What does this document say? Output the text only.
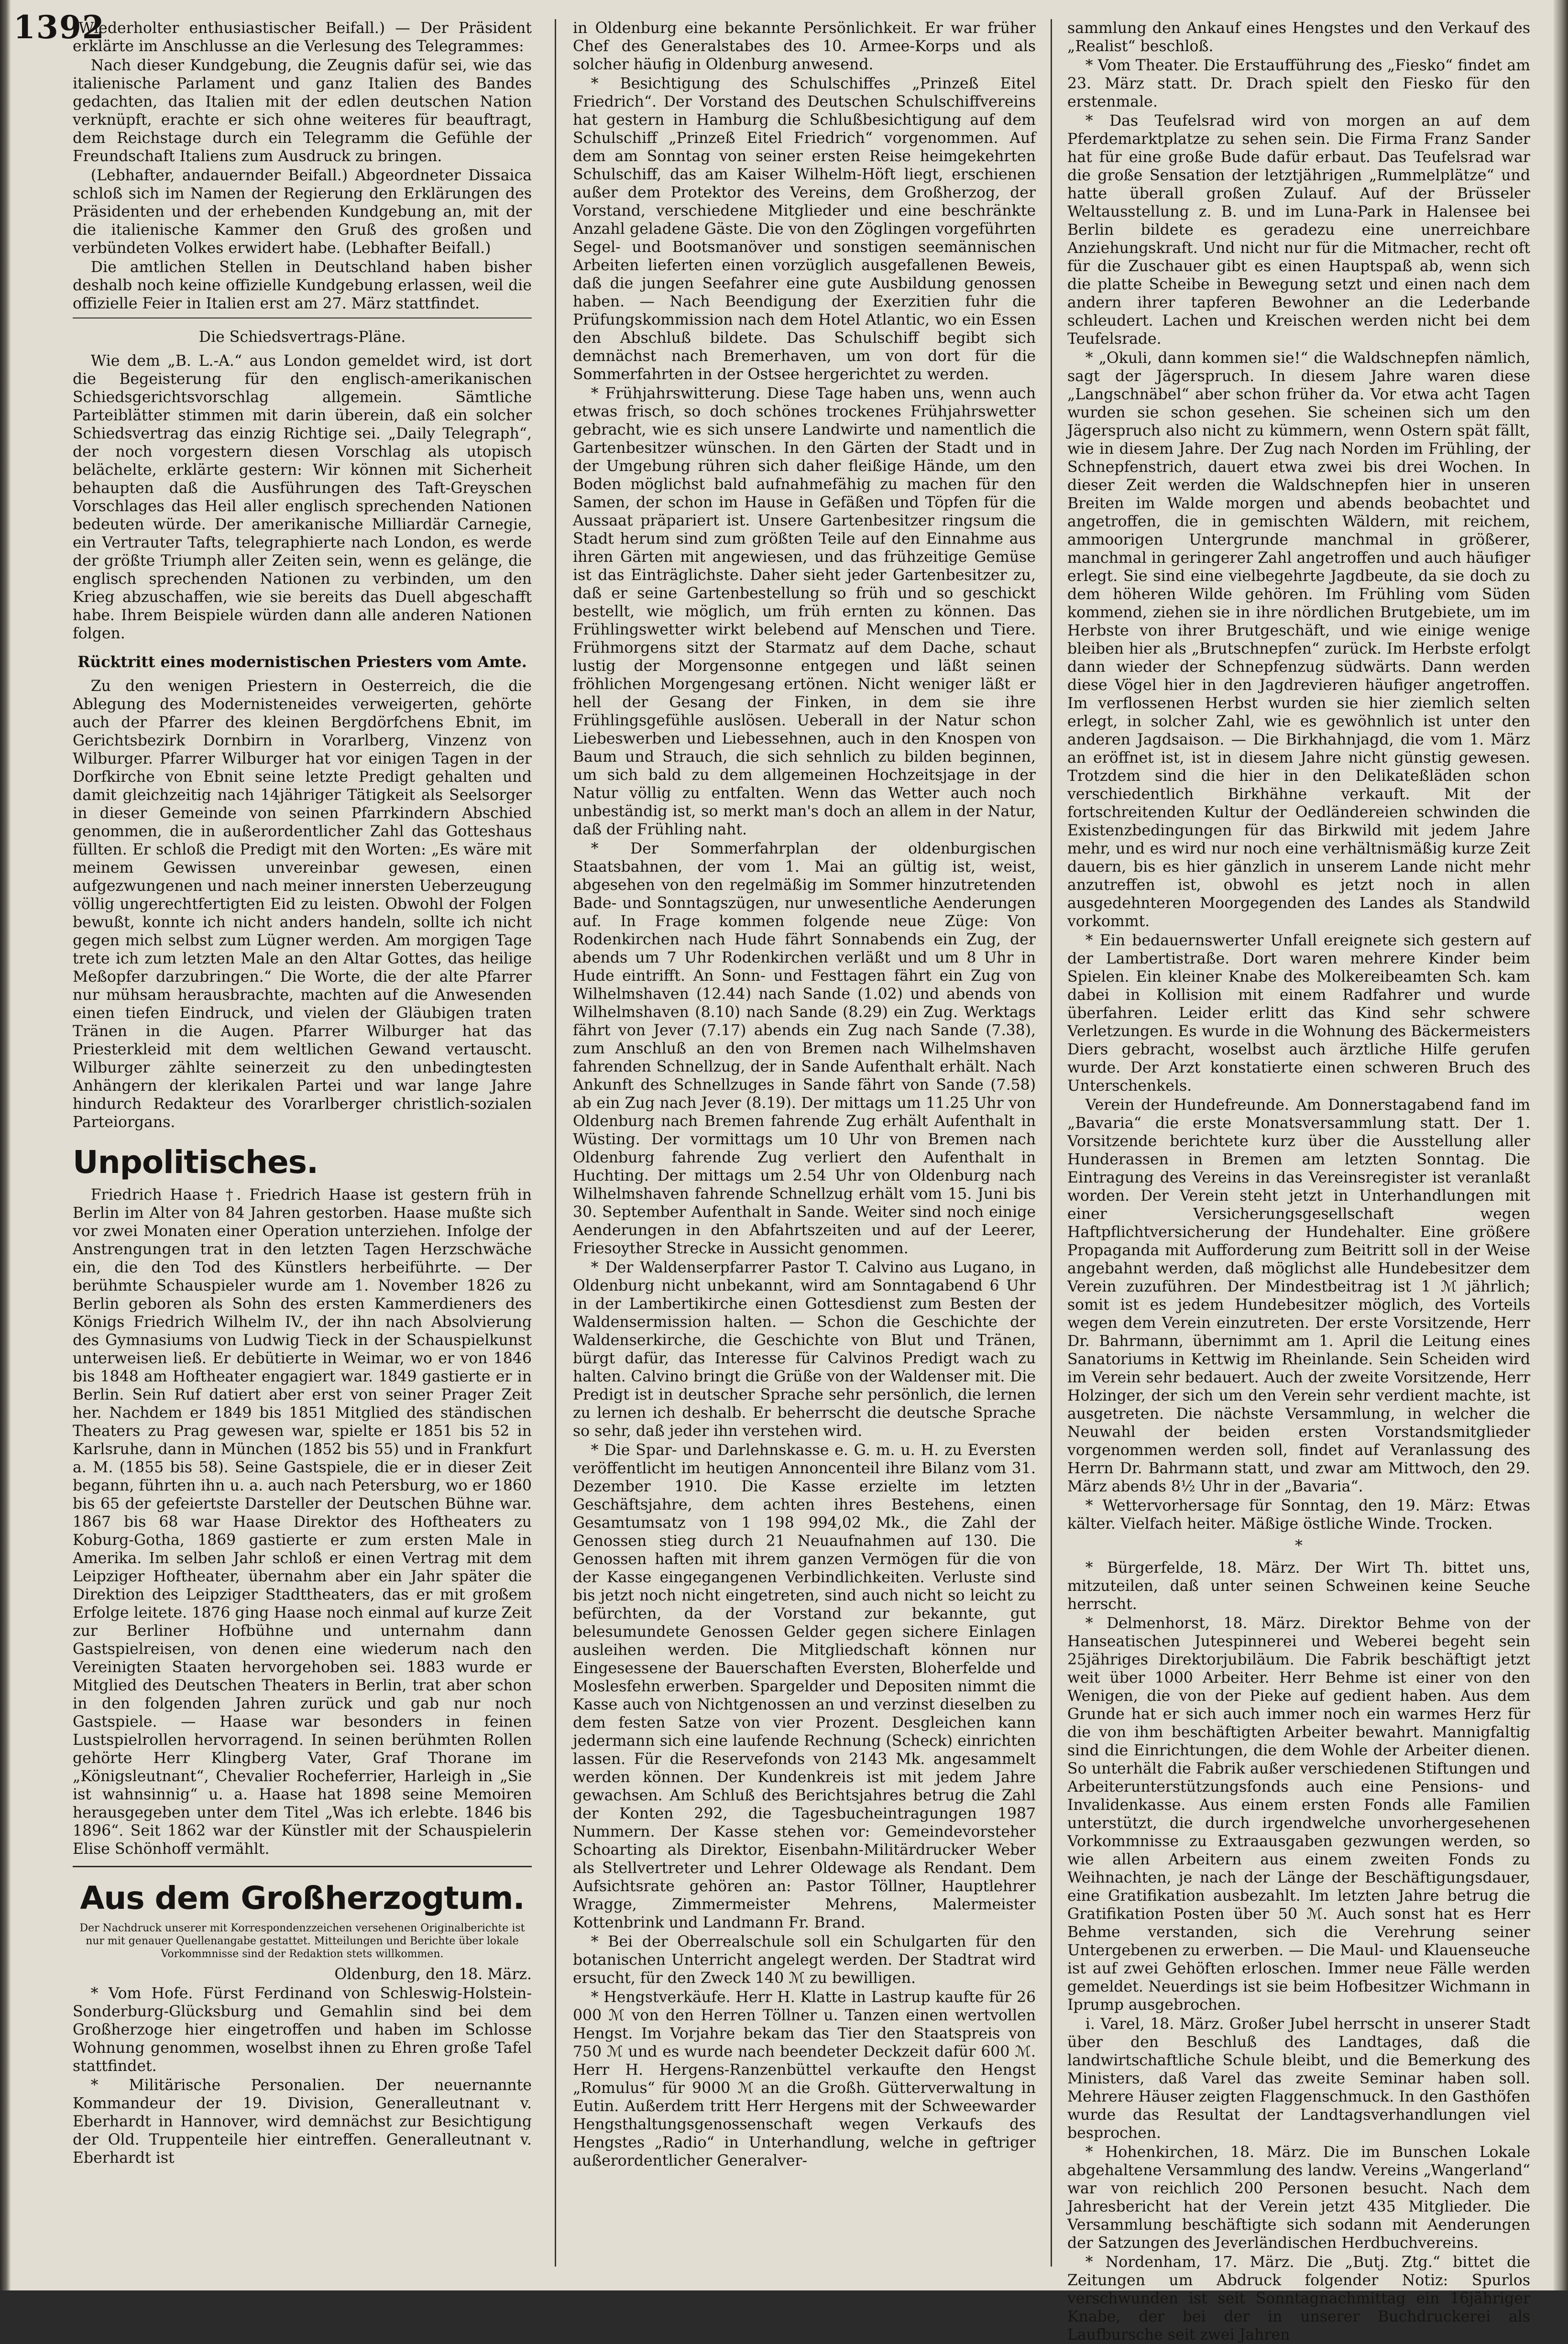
1392

(Wiederholter enthusiastischer Beifall.) — Der Präsident erklärte im Anschlusse an die Verlesung des Telegrammes:

Nach dieser Kundgebung, die Zeugnis dafür sei, wie das italienische Parlament und ganz Italien des Bandes gedachten, das Italien mit der edlen deutschen Nation verknüpft, erachte er sich ohne weiteres für beauftragt, dem Reichstage durch ein Telegramm die Gefühle der Freundschaft Italiens zum Ausdruck zu bringen.

(Lebhafter, andauernder Beifall.) Abgeordneter Dissaica schloß sich im Namen der Regierung den Erklärungen des Präsidenten und der erhebenden Kundgebung an, mit der die italienische Kammer den Gruß des großen und verbündeten Volkes erwidert habe. (Lebhafter Beifall.)

Die amtlichen Stellen in Deutschland haben bisher deshalb noch keine offizielle Kundgebung erlassen, weil die offizielle Feier in Italien erst am 27. März stattfindet.

Die Schiedsvertrags-Pläne.

Wie dem „B. L.-A.“ aus London gemeldet wird, ist dort die Begeisterung für den englisch-amerikanischen Schiedsgerichtsvorschlag allgemein. Sämtliche Parteiblätter stimmen mit darin überein, daß ein solcher Schiedsvertrag das einzig Richtige sei. „Daily Telegraph“, der noch vorgestern diesen Vorschlag als utopisch belächelte, erklärte gestern: Wir können mit Sicherheit behaupten daß die Ausführungen des Taft-Greyschen Vorschlages das Heil aller englisch sprechenden Nationen bedeuten würde. Der amerikanische Milliardär Carnegie, ein Vertrauter Tafts, telegraphierte nach London, es werde der größte Triumph aller Zeiten sein, wenn es gelänge, die englisch sprechenden Nationen zu verbinden, um den Krieg abzuschaffen, wie sie bereits das Duell abgeschafft habe. Ihrem Beispiele würden dann alle anderen Nationen folgen.

Rücktritt eines modernistischen Priesters vom Amte.

Zu den wenigen Priestern in Oesterreich, die die Ablegung des Modernisteneides verweigerten, gehörte auch der Pfarrer des kleinen Bergdörfchens Ebnit, im Gerichtsbezirk Dornbirn in Vorarlberg, Vinzenz von Wilburger. Pfarrer Wilburger hat vor einigen Tagen in der Dorfkirche von Ebnit seine letzte Predigt gehalten und damit gleichzeitig nach 14jähriger Tätigkeit als Seelsorger in dieser Gemeinde von seinen Pfarrkindern Abschied genommen, die in außerordentlicher Zahl das Gotteshaus füllten. Er schloß die Predigt mit den Worten: „Es wäre mit meinem Gewissen unvereinbar gewesen, einen aufgezwungenen und nach meiner innersten Ueberzeugung völlig ungerechtfertigten Eid zu leisten. Obwohl der Folgen bewußt, konnte ich nicht anders handeln, sollte ich nicht gegen mich selbst zum Lügner werden. Am morgigen Tage trete ich zum letzten Male an den Altar Gottes, das heilige Meßopfer darzubringen.“ Die Worte, die der alte Pfarrer nur mühsam herausbrachte, machten auf die Anwesenden einen tiefen Eindruck, und vielen der Gläubigen traten Tränen in die Augen. Pfarrer Wilburger hat das Priesterkleid mit dem weltlichen Gewand vertauscht. Wilburger zählte seinerzeit zu den unbedingtesten Anhängern der klerikalen Partei und war lange Jahre hindurch Redakteur des Vorarlberger christlich-sozialen Parteiorgans.

Unpolitisches.

Friedrich Haase †. Friedrich Haase ist gestern früh in Berlin im Alter von 84 Jahren gestorben. Haase mußte sich vor zwei Monaten einer Operation unterziehen. Infolge der Anstrengungen trat in den letzten Tagen Herzschwäche ein, die den Tod des Künstlers herbeiführte. — Der berühmte Schauspieler wurde am 1. November 1826 zu Berlin geboren als Sohn des ersten Kammerdieners des Königs Friedrich Wilhelm IV., der ihn nach Absolvierung des Gymnasiums von Ludwig Tieck in der Schauspielkunst unterweisen ließ. Er debütierte in Weimar, wo er von 1846 bis 1848 am Hoftheater engagiert war. 1849 gastierte er in Berlin. Sein Ruf datiert aber erst von seiner Prager Zeit her. Nachdem er 1849 bis 1851 Mitglied des ständischen Theaters zu Prag gewesen war, spielte er 1851 bis 52 in Karlsruhe, dann in München (1852 bis 55) und in Frankfurt a. M. (1855 bis 58). Seine Gastspiele, die er in dieser Zeit begann, führten ihn u. a. auch nach Petersburg, wo er 1860 bis 65 der gefeiertste Darsteller der Deutschen Bühne war. 1867 bis 68 war Haase Direktor des Hoftheaters zu Koburg-Gotha, 1869 gastierte er zum ersten Male in Amerika. Im selben Jahr schloß er einen Vertrag mit dem Leipziger Hoftheater, übernahm aber ein Jahr später die Direktion des Leipziger Stadttheaters, das er mit großem Erfolge leitete. 1876 ging Haase noch einmal auf kurze Zeit zur Berliner Hofbühne und unternahm dann Gastspielreisen, von denen eine wiederum nach den Vereinigten Staaten hervorgehoben sei. 1883 wurde er Mitglied des Deutschen Theaters in Berlin, trat aber schon in den folgenden Jahren zurück und gab nur noch Gastspiele. — Haase war besonders in feinen Lustspielrollen hervorragend. In seinen berühmten Rollen gehörte Herr Klingberg Vater, Graf Thorane im „Königsleutnant“, Chevalier Rocheferrier, Harleigh in „Sie ist wahnsinnig“ u. a. Haase hat 1898 seine Memoiren herausgegeben unter dem Titel „Was ich erlebte. 1846 bis 1896“. Seit 1862 war der Künstler mit der Schauspielerin Elise Schönhoff vermählt.

Aus dem Großherzogtum.

Der Nachdruck unserer mit Korrespondenzzeichen versehenen Originalberichte ist nur mit genauer Quellenangabe gestattet. Mitteilungen und Berichte über lokale Vorkommnisse sind der Redaktion stets willkommen.

Oldenburg, den 18. März.

* Vom Hofe. Fürst Ferdinand von Schleswig-Holstein-Sonderburg-Glücksburg und Gemahlin sind bei dem Großherzoge hier eingetroffen und haben im Schlosse Wohnung genommen, woselbst ihnen zu Ehren große Tafel stattfindet.

* Militärische Personalien. Der neuernannte Kommandeur der 19. Division, Generalleutnant v. Eberhardt in Hannover, wird demnächst zur Besichtigung der Old. Truppenteile hier eintreffen. Generalleutnant v. Eberhardt ist

in Oldenburg eine bekannte Persönlichkeit. Er war früher Chef des Generalstabes des 10. Armee-Korps und als solcher häufig in Oldenburg anwesend.

* Besichtigung des Schulschiffes „Prinzeß Eitel Friedrich“. Der Vorstand des Deutschen Schulschiffvereins hat gestern in Hamburg die Schlußbesichtigung auf dem Schulschiff „Prinzeß Eitel Friedrich“ vorgenommen. Auf dem am Sonntag von seiner ersten Reise heimgekehrten Schulschiff, das am Kaiser Wilhelm-Höft liegt, erschienen außer dem Protektor des Vereins, dem Großherzog, der Vorstand, verschiedene Mitglieder und eine beschränkte Anzahl geladene Gäste. Die von den Zöglingen vorgeführten Segel- und Bootsmanöver und sonstigen seemännischen Arbeiten lieferten einen vorzüglich ausgefallenen Beweis, daß die jungen Seefahrer eine gute Ausbildung genossen haben. — Nach Beendigung der Exerzitien fuhr die Prüfungskommission nach dem Hotel Atlantic, wo ein Essen den Abschluß bildete. Das Schulschiff begibt sich demnächst nach Bremerhaven, um von dort für die Sommerfahrten in der Ostsee hergerichtet zu werden.

* Frühjahrswitterung. Diese Tage haben uns, wenn auch etwas frisch, so doch schönes trockenes Frühjahrswetter gebracht, wie es sich unsere Landwirte und namentlich die Gartenbesitzer wünschen. In den Gärten der Stadt und in der Umgebung rühren sich daher fleißige Hände, um den Boden möglichst bald aufnahmefähig zu machen für den Samen, der schon im Hause in Gefäßen und Töpfen für die Aussaat präpariert ist. Unsere Gartenbesitzer ringsum die Stadt herum sind zum größten Teile auf den Einnahme aus ihren Gärten mit angewiesen, und das frühzeitige Gemüse ist das Einträglichste. Daher sieht jeder Gartenbesitzer zu, daß er seine Gartenbestellung so früh und so geschickt bestellt, wie möglich, um früh ernten zu können. Das Frühlingswetter wirkt belebend auf Menschen und Tiere. Frühmorgens sitzt der Starmatz auf dem Dache, schaut lustig der Morgensonne entgegen und läßt seinen fröhlichen Morgengesang ertönen. Nicht weniger läßt er hell der Gesang der Finken, in dem sie ihre Frühlingsgefühle auslösen. Ueberall in der Natur schon Liebeswerben und Liebessehnen, auch in den Knospen von Baum und Strauch, die sich sehnlich zu bilden beginnen, um sich bald zu dem allgemeinen Hochzeitsjage in der Natur völlig zu entfalten. Wenn das Wetter auch noch unbeständig ist, so merkt man's doch an allem in der Natur, daß der Frühling naht.

* Der Sommerfahrplan der oldenburgischen Staatsbahnen, der vom 1. Mai an gültig ist, weist, abgesehen von den regelmäßig im Sommer hinzutretenden Bade- und Sonntagszügen, nur unwesentliche Aenderungen auf. In Frage kommen folgende neue Züge: Von Rodenkirchen nach Hude fährt Sonnabends ein Zug, der abends um 7 Uhr Rodenkirchen verläßt und um 8 Uhr in Hude eintrifft. An Sonn- und Festtagen fährt ein Zug von Wilhelmshaven (12.44) nach Sande (1.02) und abends von Wilhelmshaven (8.10) nach Sande (8.29) ein Zug. Werktags fährt von Jever (7.17) abends ein Zug nach Sande (7.38), zum Anschluß an den von Bremen nach Wilhelmshaven fahrenden Schnellzug, der in Sande Aufenthalt erhält. Nach Ankunft des Schnellzuges in Sande fährt von Sande (7.58) ab ein Zug nach Jever (8.19). Der mittags um 11.25 Uhr von Oldenburg nach Bremen fahrende Zug erhält Aufenthalt in Wüsting. Der vormittags um 10 Uhr von Bremen nach Oldenburg fahrende Zug verliert den Aufenthalt in Huchting. Der mittags um 2.54 Uhr von Oldenburg nach Wilhelmshaven fahrende Schnellzug erhält vom 15. Juni bis 30. September Aufenthalt in Sande. Weiter sind noch einige Aenderungen in den Abfahrtszeiten und auf der Leerer, Friesoyther Strecke in Aussicht genommen.

* Der Waldenserpfarrer Pastor T. Calvino aus Lugano, in Oldenburg nicht unbekannt, wird am Sonntagabend 6 Uhr in der Lambertikirche einen Gottesdienst zum Besten der Waldensermission halten. — Schon die Geschichte der Waldenserkirche, die Geschichte von Blut und Tränen, bürgt dafür, das Interesse für Calvinos Predigt wach zu halten. Calvino bringt die Grüße von der Waldenser mit. Die Predigt ist in deutscher Sprache sehr persönlich, die lernen zu lernen ich deshalb. Er beherrscht die deutsche Sprache so sehr, daß jeder ihn verstehen wird.

* Die Spar- und Darlehnskasse e. G. m. u. H. zu Eversten veröffentlicht im heutigen Annoncenteil ihre Bilanz vom 31. Dezember 1910. Die Kasse erzielte im letzten Geschäftsjahre, dem achten ihres Bestehens, einen Gesamtumsatz von 1 198 994,02 Mk., die Zahl der Genossen stieg durch 21 Neuaufnahmen auf 130. Die Genossen haften mit ihrem ganzen Vermögen für die von der Kasse eingegangenen Verbindlichkeiten. Verluste sind bis jetzt noch nicht eingetreten, sind auch nicht so leicht zu befürchten, da der Vorstand zur bekannte, gut belesumundete Genossen Gelder gegen sichere Einlagen ausleihen werden. Die Mitgliedschaft können nur Eingesessene der Bauerschaften Eversten, Bloherfelde und Moslesfehn erwerben. Spargelder und Depositen nimmt die Kasse auch von Nichtgenossen an und verzinst dieselben zu dem festen Satze von vier Prozent. Desgleichen kann jedermann sich eine laufende Rechnung (Scheck) einrichten lassen. Für die Reservefonds von 2143 Mk. angesammelt werden können. Der Kundenkreis ist mit jedem Jahre gewachsen. Am Schluß des Berichtsjahres betrug die Zahl der Konten 292, die Tagesbucheintragungen 1987 Nummern. Der Kasse stehen vor: Gemeindevorsteher Schoarting als Direktor, Eisenbahn-Militärdrucker Weber als Stellvertreter und Lehrer Oldewage als Rendant. Dem Aufsichtsrate gehören an: Pastor Töllner, Hauptlehrer Wragge, Zimmermeister Mehrens, Malermeister Kottenbrink und Landmann Fr. Brand.

* Bei der Oberrealschule soll ein Schulgarten für den botanischen Unterricht angelegt werden. Der Stadtrat wird ersucht, für den Zweck 140 ℳ zu bewilligen.

* Hengstverkäufe. Herr H. Klatte in Lastrup kaufte für 26 000 ℳ von den Herren Töllner u. Tanzen einen wertvollen Hengst. Im Vorjahre bekam das Tier den Staatspreis von 750 ℳ und es wurde nach beendeter Deckzeit dafür 600 ℳ. Herr H. Hergens-Ranzenbüttel verkaufte den Hengst „Romulus“ für 9000 ℳ an die Großh. Gütterverwaltung in Eutin. Außerdem tritt Herr Hergens mit der Schweewarder Hengsthaltungsgenossenschaft wegen Verkaufs des Hengstes „Radio“ in Unterhandlung, welche in geftriger außerordentlicher Generalver-

sammlung den Ankauf eines Hengstes und den Verkauf des „Realist“ beschloß.

* Vom Theater. Die Erstaufführung des „Fiesko“ findet am 23. März statt. Dr. Drach spielt den Fiesko für den erstenmale.

* Das Teufelsrad wird von morgen an auf dem Pferdemarktplatze zu sehen sein. Die Firma Franz Sander hat für eine große Bude dafür erbaut. Das Teufelsrad war die große Sensation der letztjährigen „Rummelplätze“ und hatte überall großen Zulauf. Auf der Brüsseler Weltausstellung z. B. und im Luna-Park in Halensee bei Berlin bildete es geradezu eine unerreichbare Anziehungskraft. Und nicht nur für die Mitmacher, recht oft für die Zuschauer gibt es einen Hauptspaß ab, wenn sich die platte Scheibe in Bewegung setzt und einen nach dem andern ihrer tapferen Bewohner an die Lederbande schleudert. Lachen und Kreischen werden nicht bei dem Teufelsrade.

* „Okuli, dann kommen sie!“ die Waldschnepfen nämlich, sagt der Jägerspruch. In diesem Jahre waren diese „Langschnäbel“ aber schon früher da. Vor etwa acht Tagen wurden sie schon gesehen. Sie scheinen sich um den Jägerspruch also nicht zu kümmern, wenn Ostern spät fällt, wie in diesem Jahre. Der Zug nach Norden im Frühling, der Schnepfenstrich, dauert etwa zwei bis drei Wochen. In dieser Zeit werden die Waldschnepfen hier in unseren Breiten im Walde morgen und abends beobachtet und angetroffen, die in gemischten Wäldern, mit reichem, ammoorigen Untergrunde manchmal in größerer, manchmal in geringerer Zahl angetroffen und auch häufiger erlegt. Sie sind eine vielbegehrte Jagdbeute, da sie doch zu dem höheren Wilde gehören. Im Frühling vom Süden kommend, ziehen sie in ihre nördlichen Brutgebiete, um im Herbste von ihrer Brutgeschäft, und wie einige wenige bleiben hier als „Brutschnepfen“ zurück. Im Herbste erfolgt dann wieder der Schnepfenzug südwärts. Dann werden diese Vögel hier in den Jagdrevieren häufiger angetroffen. Im verflossenen Herbst wurden sie hier ziemlich selten erlegt, in solcher Zahl, wie es gewöhnlich ist unter den anderen Jagdsaison. — Die Birkhahnjagd, die vom 1. März an eröffnet ist, ist in diesem Jahre nicht günstig gewesen. Trotzdem sind die hier in den Delikateßläden schon verschiedentlich Birkhähne verkauft. Mit der fortschreitenden Kultur der Oedländereien schwinden die Existenzbedingungen für das Birkwild mit jedem Jahre mehr, und es wird nur noch eine verhältnismäßig kurze Zeit dauern, bis es hier gänzlich in unserem Lande nicht mehr anzutreffen ist, obwohl es jetzt noch in allen ausgedehnteren Moorgegenden des Landes als Standwild vorkommt.

* Ein bedauernswerter Unfall ereignete sich gestern auf der Lambertistraße. Dort waren mehrere Kinder beim Spielen. Ein kleiner Knabe des Molkereibeamten Sch. kam dabei in Kollision mit einem Radfahrer und wurde überfahren. Leider erlitt das Kind sehr schwere Verletzungen. Es wurde in die Wohnung des Bäckermeisters Diers gebracht, woselbst auch ärztliche Hilfe gerufen wurde. Der Arzt konstatierte einen schweren Bruch des Unterschenkels.

Verein der Hundefreunde. Am Donnerstagabend fand im „Bavaria“ die erste Monatsversammlung statt. Der 1. Vorsitzende berichtete kurz über die Ausstellung aller Hunderassen in Bremen am letzten Sonntag. Die Eintragung des Vereins in das Vereinsregister ist veranlaßt worden. Der Verein steht jetzt in Unterhandlungen mit einer Versicherungsgesellschaft wegen Haftpflichtversicherung der Hundehalter. Eine größere Propaganda mit Aufforderung zum Beitritt soll in der Weise angebahnt werden, daß möglichst alle Hundebesitzer dem Verein zuzuführen. Der Mindestbeitrag ist 1 ℳ jährlich; somit ist es jedem Hundebesitzer möglich, des Vorteils wegen dem Verein einzutreten. Der erste Vorsitzende, Herr Dr. Bahrmann, übernimmt am 1. April die Leitung eines Sanatoriums in Kettwig im Rheinlande. Sein Scheiden wird im Verein sehr bedauert. Auch der zweite Vorsitzende, Herr Holzinger, der sich um den Verein sehr verdient machte, ist ausgetreten. Die nächste Versammlung, in welcher die Neuwahl der beiden ersten Vorstandsmitglieder vorgenommen werden soll, findet auf Veranlassung des Herrn Dr. Bahrmann statt, und zwar am Mittwoch, den 29. März abends 8½ Uhr in der „Bavaria“.

* Wettervorhersage für Sonntag, den 19. März: Etwas kälter. Vielfach heiter. Mäßige östliche Winde. Trocken.

*

* Bürgerfelde, 18. März. Der Wirt Th. bittet uns, mitzuteilen, daß unter seinen Schweinen keine Seuche herrscht.

* Delmenhorst, 18. März. Direktor Behme von der Hanseatischen Jutespinnerei und Weberei begeht sein 25jähriges Direktorjubiläum. Die Fabrik beschäftigt jetzt weit über 1000 Arbeiter. Herr Behme ist einer von den Wenigen, die von der Pieke auf gedient haben. Aus dem Grunde hat er sich auch immer noch ein warmes Herz für die von ihm beschäftigten Arbeiter bewahrt. Mannigfaltig sind die Einrichtungen, die dem Wohle der Arbeiter dienen. So unterhält die Fabrik außer verschiedenen Stiftungen und Arbeiterunterstützungsfonds auch eine Pensions- und Invalidenkasse. Aus einem ersten Fonds alle Familien unterstützt, die durch irgendwelche unvorhergesehenen Vorkommnisse zu Extraausgaben gezwungen werden, so wie allen Arbeitern aus einem zweiten Fonds zu Weihnachten, je nach der Länge der Beschäftigungsdauer, eine Gratifikation ausbezahlt. Im letzten Jahre betrug die Gratifikation Posten über 50 ℳ. Auch sonst hat es Herr Behme verstanden, sich die Verehrung seiner Untergebenen zu erwerben. — Die Maul- und Klauenseuche ist auf zwei Gehöften erloschen. Immer neue Fälle werden gemeldet. Neuerdings ist sie beim Hofbesitzer Wichmann in Iprump ausgebrochen.

i. Varel, 18. März. Großer Jubel herrscht in unserer Stadt über den Beschluß des Landtages, daß die landwirtschaftliche Schule bleibt, und die Bemerkung des Ministers, daß Varel das zweite Seminar haben soll. Mehrere Häuser zeigten Flaggenschmuck. In den Gasthöfen wurde das Resultat der Landtagsverhandlungen viel besprochen.

* Hohenkirchen, 18. März. Die im Bunschen Lokale abgehaltene Versammlung des landw. Vereins „Wangerland“ war von reichlich 200 Personen besucht. Nach dem Jahresbericht hat der Verein jetzt 435 Mitglieder. Die Versammlung beschäftigte sich sodann mit Aenderungen der Satzungen des Jeverländischen Herdbuchvereins.

* Nordenham, 17. März. Die „Butj. Ztg.“ bittet die Zeitungen um Abdruck folgender Notiz: Spurlos verschwunden ist seit Sonntagnachmittag ein 16jähriger Knabe, der bei der in unserer Buchdruckerei als Laufbursche seit zwei Jahren
